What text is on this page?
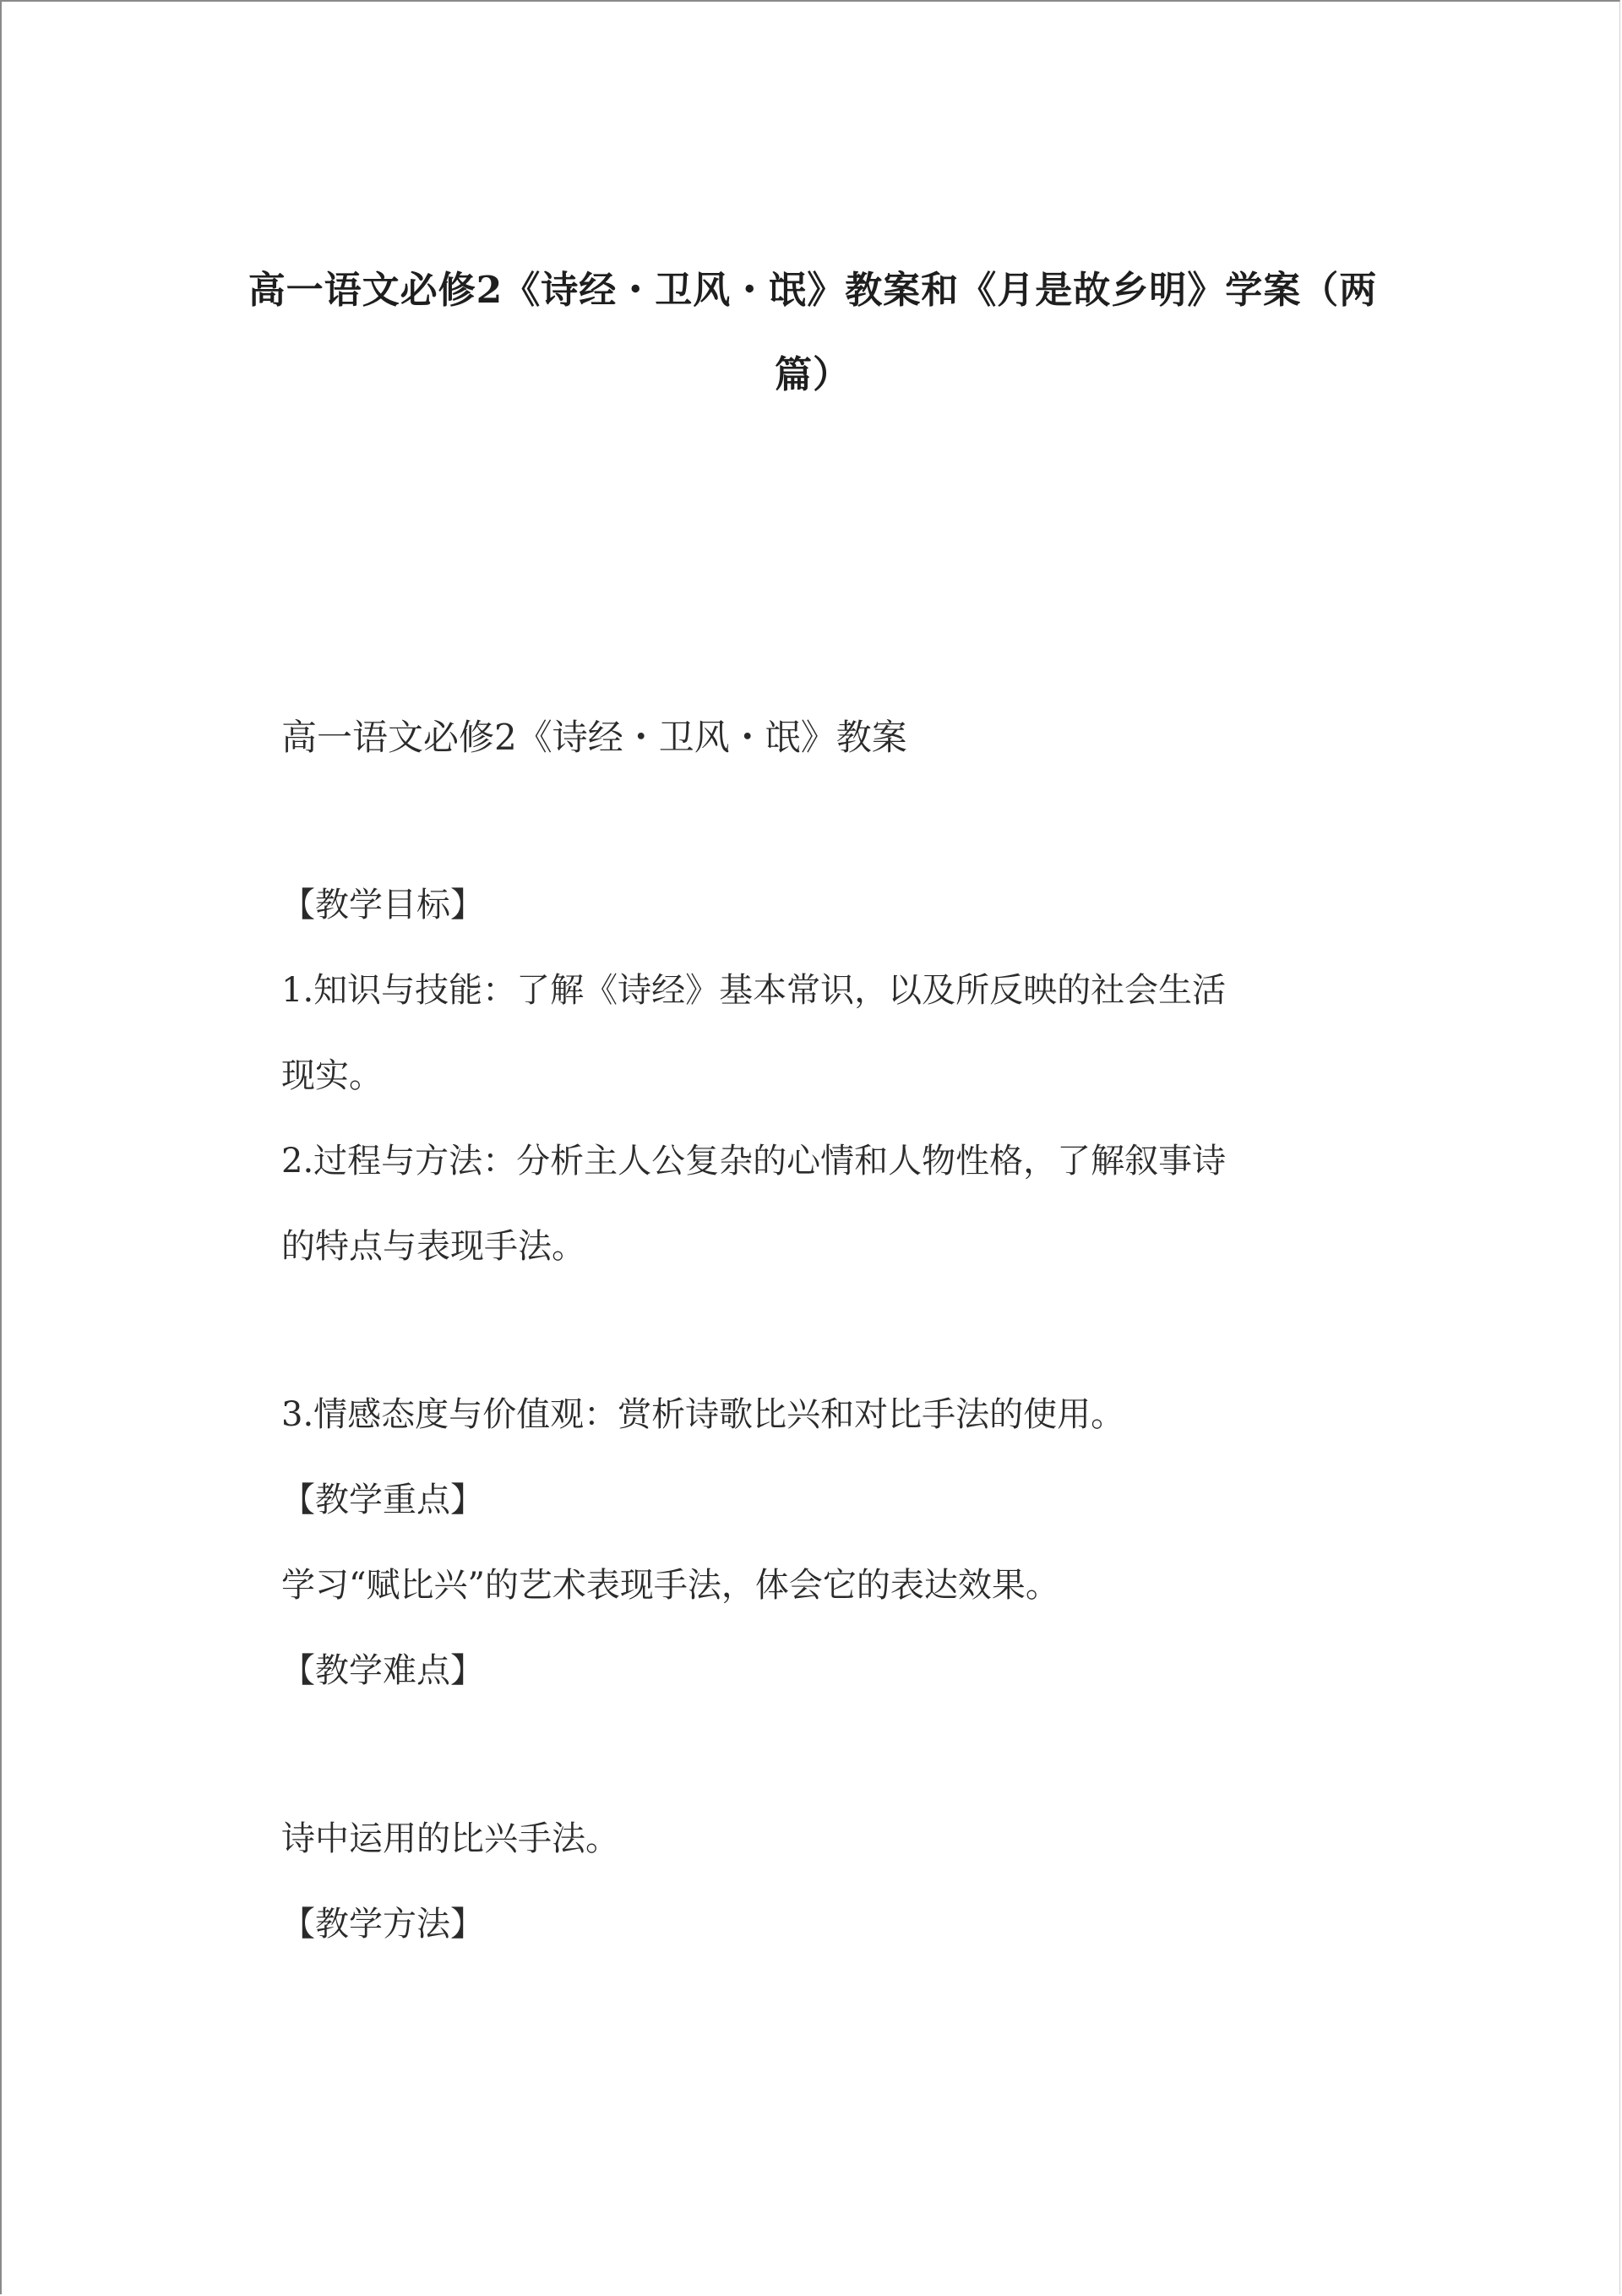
高一语文必修2《诗经・卫风・氓》教案和《月是故乡明》学案（两
篇）

高一语文必修2《诗经・卫风・氓》教案

【教学目标】

1.知识与技能：了解《诗经》基本常识，以及所反映的社会生活

现实。

2.过程与方法：分析主人公复杂的心情和人物性格，了解叙事诗

的特点与表现手法。

3.情感态度与价值观：赏析诗歌比兴和对比手法的使用。

【教学重点】

学习“赋比兴”的艺术表现手法，体会它的表达效果。

【教学难点】

诗中运用的比兴手法。

【教学方法】
